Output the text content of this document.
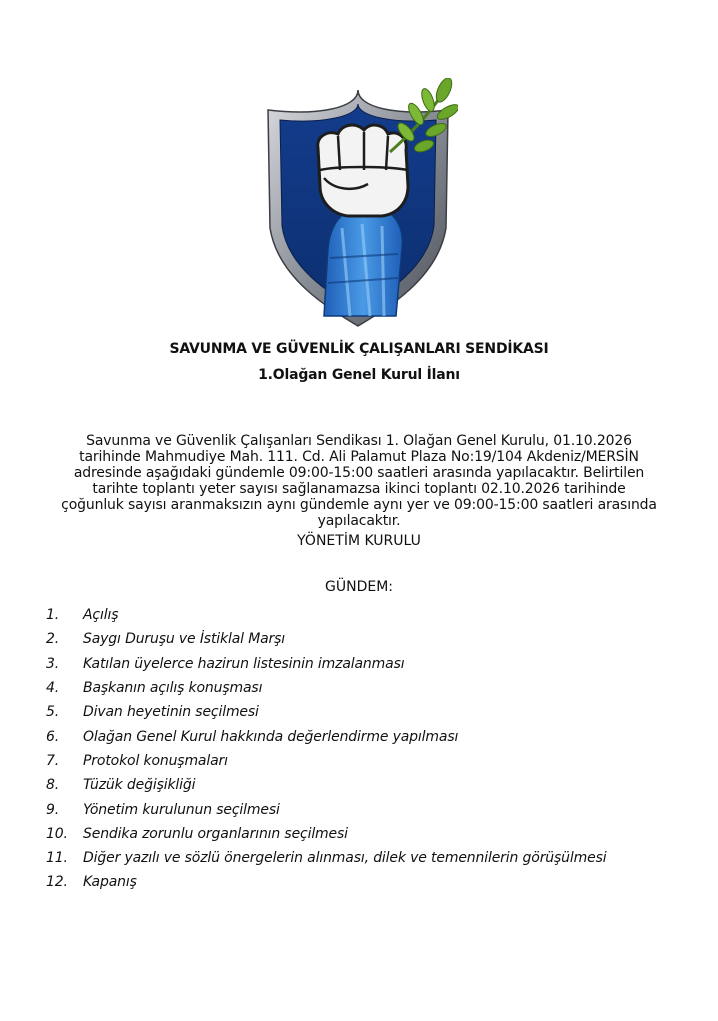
SAVUNMA VE GÜVENLİK ÇALIŞANLARI SENDİKASI
1.Olağan Genel Kurul İlanı
Savunma ve Güvenlik Çalışanları Sendikası 1. Olağan Genel Kurulu, 01.10.2026
tarihinde Mahmudiye Mah. 111. Cd. Ali Palamut Plaza No:19/104 Akdeniz/MERSİN
adresinde aşağıdaki gündemle 09:00-15:00 saatleri arasında yapılacaktır. Belirtilen
tarihte toplantı yeter sayısı sağlanamazsa ikinci toplantı 02.10.2026 tarihinde
çoğunluk sayısı aranmaksızın aynı gündemle aynı yer ve 09:00-15:00 saatleri arasında
yapılacaktır.
YÖNETİM KURULU
GÜNDEM:
1.	Açılış
2.	Saygı Duruşu ve İstiklal Marşı
3.	Katılan üyelerce hazirun listesinin imzalanması
4.	Başkanın açılış konuşması
5.	Divan heyetinin seçilmesi
6.	Olağan Genel Kurul hakkında değerlendirme yapılması
7.	Protokol konuşmaları
8.	Tüzük değişikliği
9.	Yönetim kurulunun seçilmesi
10.	Sendika zorunlu organlarının seçilmesi
11.	Diğer yazılı ve sözlü önergelerin alınması, dilek ve temennilerin görüşülmesi
12.	Kapanış
